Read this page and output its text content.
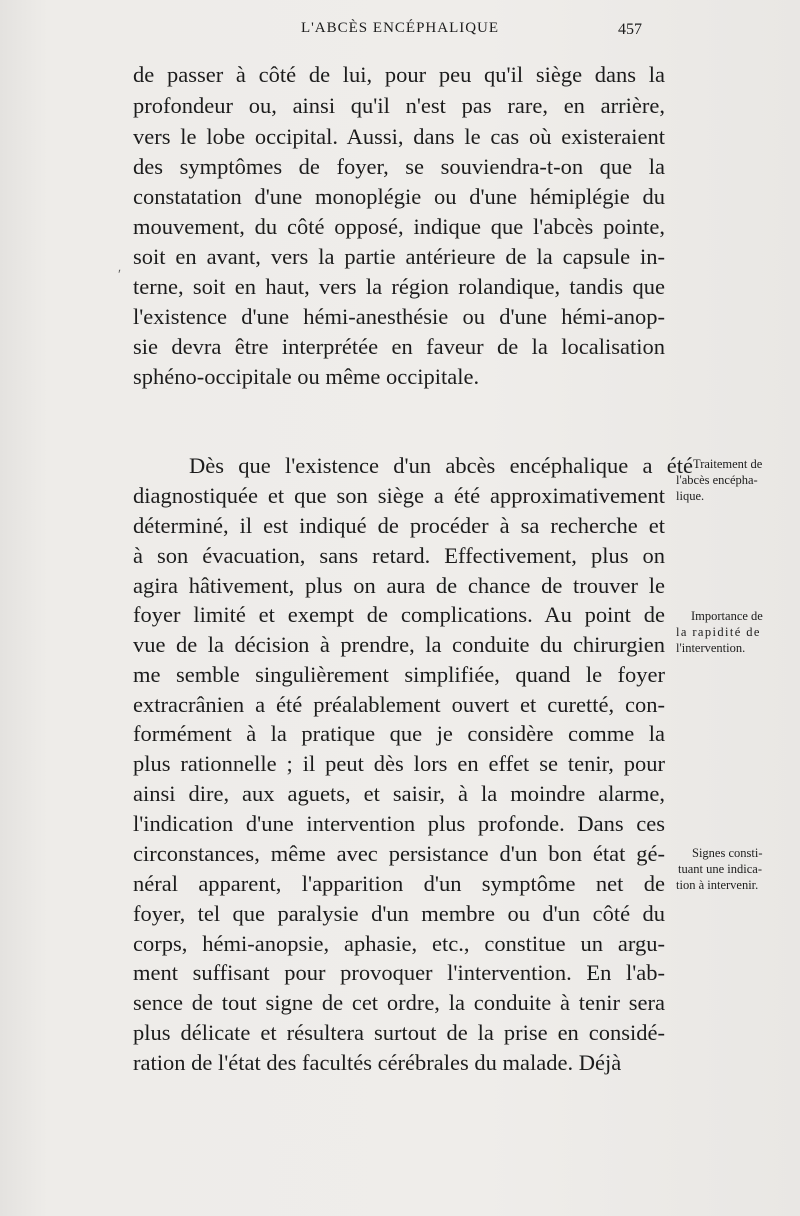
L'ABCÈS ENCÉPHALIQUE	457
ʹ
de passer à côté de lui, pour peu qu'il siège dans la
profondeur ou, ainsi qu'il n'est pas rare, en arrière,
vers le lobe occipital. Aussi, dans le cas où existeraient
des symptômes de foyer, se souviendra-t-on que la
constatation d'une monoplégie ou d'une hémiplégie du
mouvement, du côté opposé, indique que l'abcès pointe,
soit en avant, vers la partie antérieure de la capsule in-
terne, soit en haut, vers la région rolandique, tandis que
l'existence d'une hémi-anesthésie ou d'une hémi-anop-
sie devra être interprétée en faveur de la localisation
sphéno-occipitale ou même occipitale.
Dès que l'existence d'un abcès encéphalique a été
diagnostiquée et que son siège a été approximativement
déterminé, il est indiqué de procéder à sa recherche et
à son évacuation, sans retard. Effectivement, plus on
agira hâtivement, plus on aura de chance de trouver le
foyer limité et exempt de complications. Au point de
vue de la décision à prendre, la conduite du chirurgien
me semble singulièrement simplifiée, quand le foyer
extracrânien a été préalablement ouvert et curetté, con-
formément à la pratique que je considère comme la
plus rationnelle ; il peut dès lors en effet se tenir, pour
ainsi dire, aux aguets, et saisir, à la moindre alarme,
l'indication d'une intervention plus profonde. Dans ces
circonstances, même avec persistance d'un bon état gé-
néral apparent, l'apparition d'un symptôme net de
foyer, tel que paralysie d'un membre ou d'un côté du
corps, hémi-anopsie, aphasie, etc., constitue un argu-
ment suffisant pour provoquer l'intervention. En l'ab-
sence de tout signe de cet ordre, la conduite à tenir sera
plus délicate et résultera surtout de la prise en considé-
ration de l'état des facultés cérébrales du malade. Déjà
Traitement de
l'abcès encépha-
lique.
Importance de
la rapidité de
l'intervention.
Signes consti-
tuant une indica-
tion à intervenir.
